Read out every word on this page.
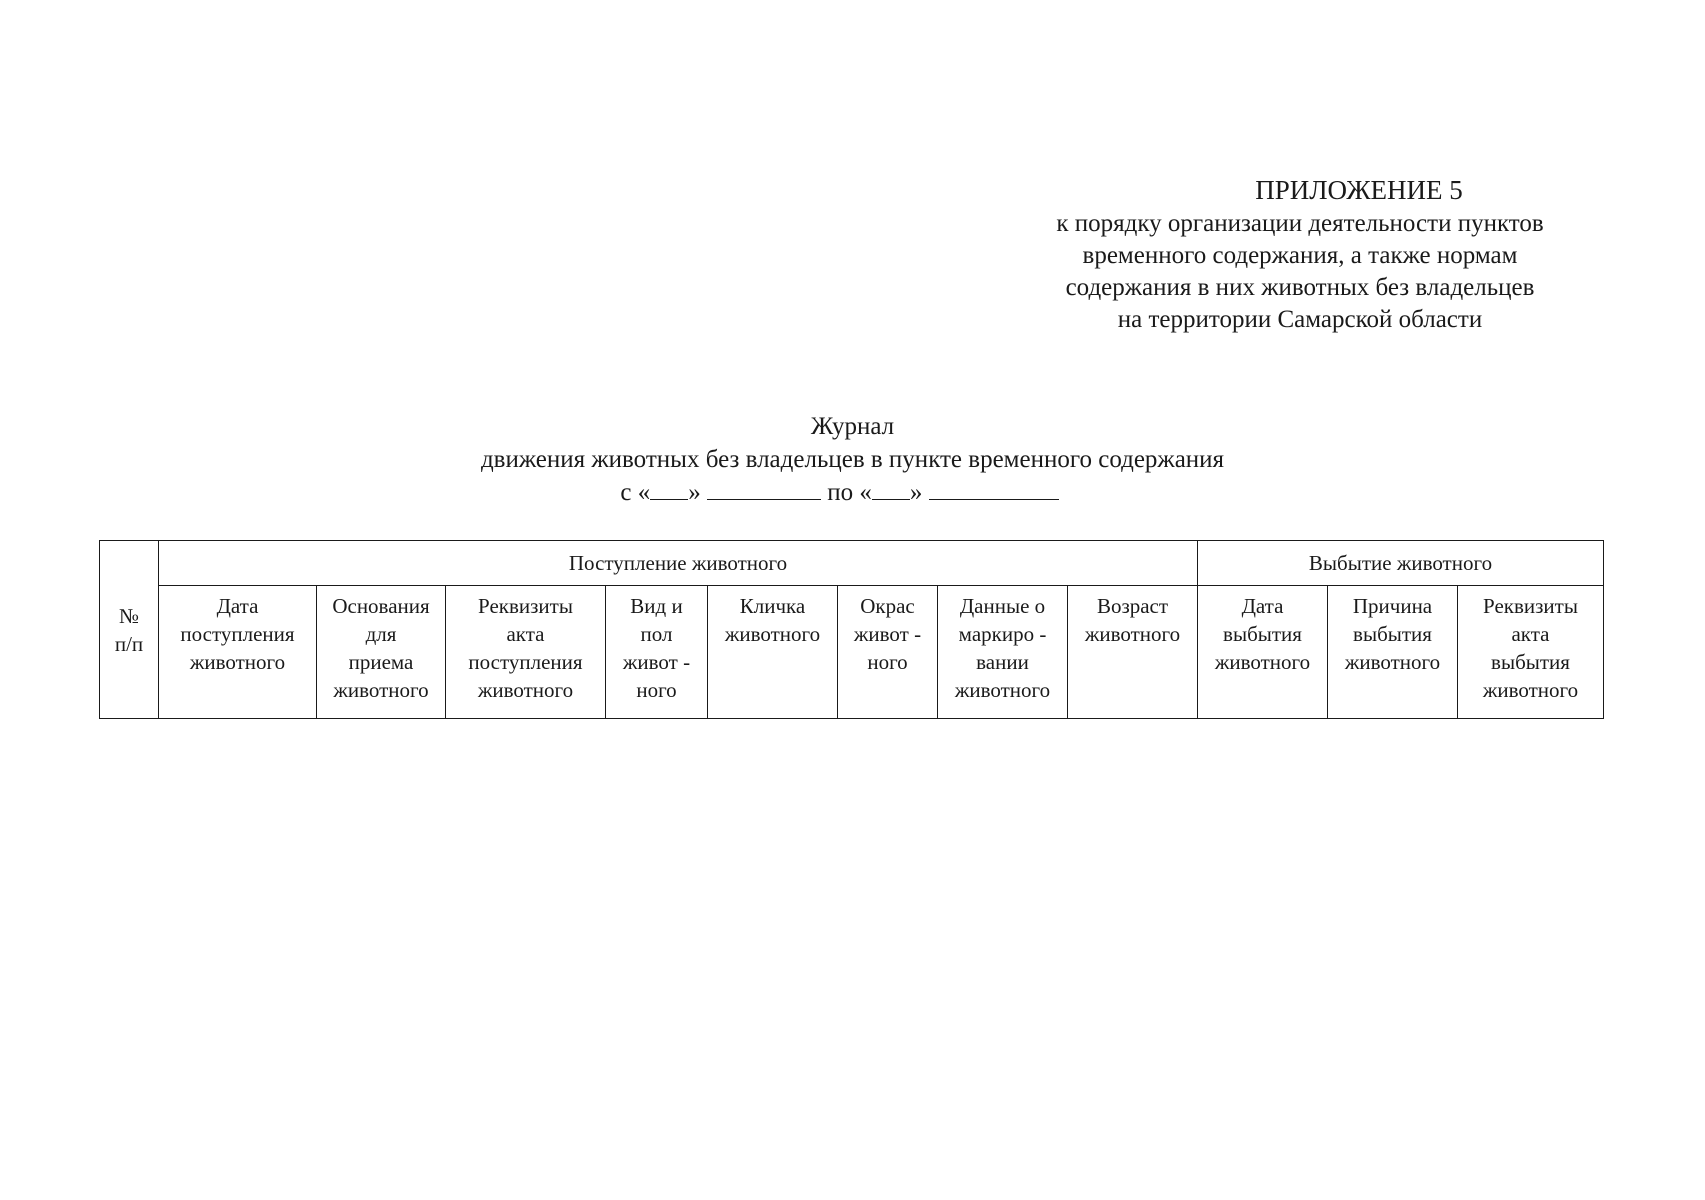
ПРИЛОЖЕНИЕ 5
к порядку организации деятельности пунктов
временного содержания, а также нормам
содержания в них животных без владельцев
на территории Самарской области
Журнал
движения животных без владельцев в пункте временного содержания
с « »	по « »
№
п/п	Поступление животного								Выбытие животного		
	Дата
поступления
животного	Основания
для
приема
животного	Реквизиты
акта
поступления
животного	Вид и
пол
живот -
ного	Кличка
животного	Окрас
живот -
ного	Данные о
маркиро -
вании
животного	Возраст
животного	Дата
выбытия
животного	Причина
выбытия
животного	Реквизиты
акта
выбытия
животного
